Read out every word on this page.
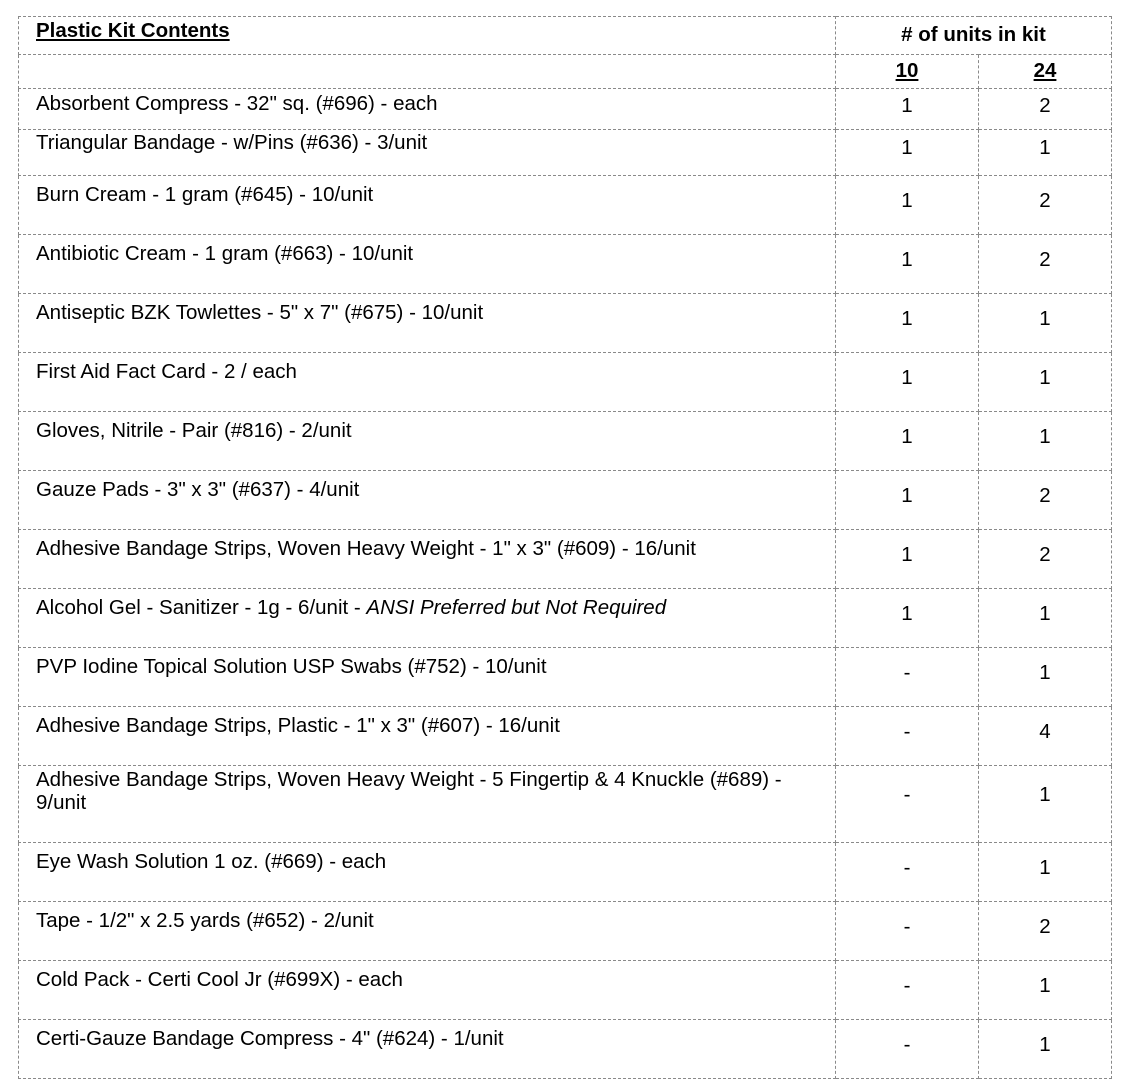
Plastic Kit Contents	# of units in kit	
	10	24
Absorbent Compress - 32" sq. (#696) - each	1	2
Triangular Bandage - w/Pins (#636) - 3/unit	1	1
Burn Cream - 1 gram (#645) - 10/unit	1	2
Antibiotic Cream - 1 gram (#663) - 10/unit	1	2
Antiseptic BZK Towlettes - 5" x 7" (#675) - 10/unit	1	1
First Aid Fact Card - 2 / each	1	1
Gloves, Nitrile - Pair (#816) - 2/unit	1	1
Gauze Pads - 3" x 3" (#637) - 4/unit	1	2
Adhesive Bandage Strips, Woven Heavy Weight - 1" x 3" (#609) - 16/unit	1	2
Alcohol Gel - Sanitizer - 1g - 6/unit - ANSI Preferred but Not Required	1	1
PVP Iodine Topical Solution USP Swabs (#752) - 10/unit	-	1
Adhesive Bandage Strips, Plastic - 1" x 3" (#607) - 16/unit	-	4
Adhesive Bandage Strips, Woven Heavy Weight - 5 Fingertip & 4 Knuckle (#689) - 9/unit	-	1
Eye Wash Solution 1 oz. (#669) - each	-	1
Tape - 1/2" x 2.5 yards (#652) - 2/unit	-	2
Cold Pack - Certi Cool Jr (#699X) - each	-	1
Certi-Gauze Bandage Compress - 4" (#624) - 1/unit	-	1
